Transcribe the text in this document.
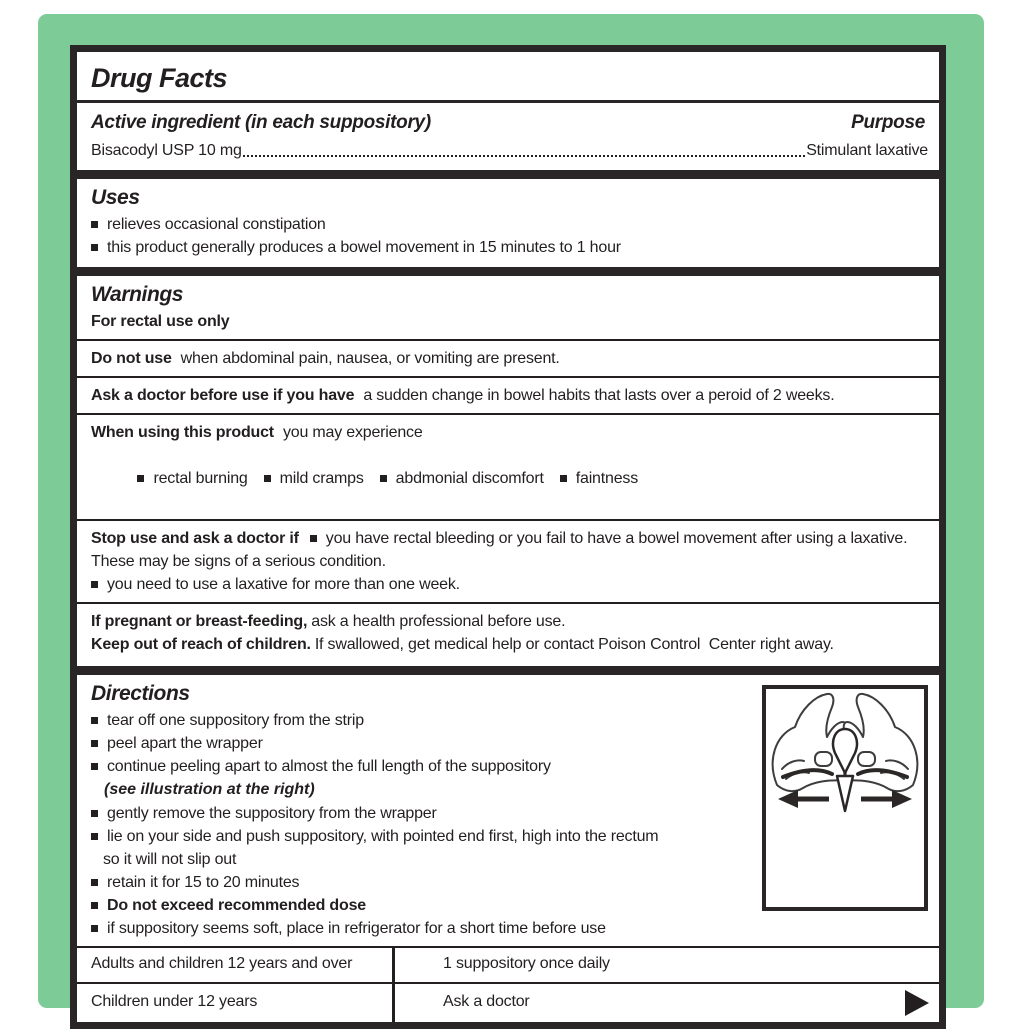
Drug Facts
Active ingredient (in each suppository)	Purpose
Bisacodyl USP 10 mg	Stimulant laxative
Uses
relieves occasional constipation
this product generally produces a bowel movement in 15 minutes to 1 hour
Warnings
For rectal use only
Do not use when abdominal pain, nausea, or vomiting are present.
Ask a doctor before use if you have a sudden change in bowel habits that lasts over a peroid of 2 weeks.
When using this product you may experience

rectal burning mild cramps abdmonial discomfort faintness

Stop use and ask a doctor if you have rectal bleeding or you fail to have a bowel movement after using a laxative. These may be signs of a serious condition.
you need to use a laxative for more than one week.
If pregnant or breast-feeding, ask a health professional before use.
Keep out of reach of children. If swallowed, get medical help or contact Poison Control  Center right away.
Directions
tear off one suppository from the strip
peel apart the wrapper
continue peeling apart to almost the full length of the suppository
(see illustration at the right)
gently remove the suppository from the wrapper
lie on your side and push suppository, with pointed end first, high into the rectum
so it will not slip out
retain it for 15 to 20 minutes
Do not exceed recommended dose
if suppository seems soft, place in refrigerator for a short time before use
Adults and children 12 years and over	1 suppository once daily
Children under 12 years	Ask a doctor
